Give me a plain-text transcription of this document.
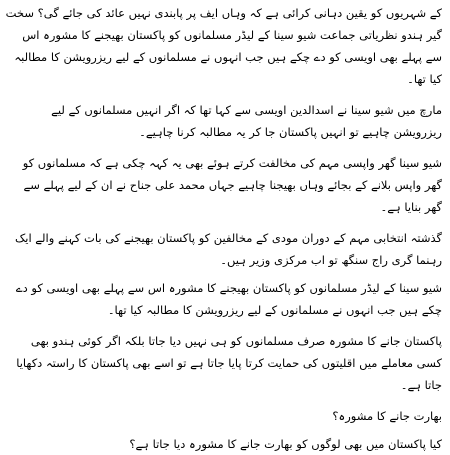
کے شہریوں کو یقین دہانی کرائی ہے کہ وہاں ایف پر پابندی نہیں عائد کی جائے گی؟ سخت گیر ہندو نظریاتی جماعت شیو سینا کے لیڈر مسلمانوں کو پاکستان بھیجنے کا مشورہ اس سے پہلے بھی اویسی کو دے چکے ہیں جب انہوں نے مسلمانوں کے لیے ریزرویشن کا مطالبہ کیا تھا۔

مارچ میں شیو سینا نے اسدالدین اویسی سے کہا تھا کہ اگر انہیں مسلمانوں کے لیے ریزرویشن چاہیے تو انہیں پاکستان جا کر یہ مطالبہ کرنا چاہیے۔

شیو سینا گھر واپسی مہم کی مخالفت کرتے ہوئے بھی یہ کہہ چکی ہے کہ مسلمانوں کو گھر واپس بلانے کے بجائے وہاں بھیجنا چاہیے جہاں محمد علی جناح نے ان کے لیے پہلے سے گھر بنایا ہے۔

گذشتہ انتخابی مہم کے دوران مودی کے مخالفین کو پاکستان بھیجنے کی بات کہنے والے ایک رہنما گری راج سنگھ تو اب مرکزی وزیر ہیں۔

شیو سینا کے لیڈر مسلمانوں کو پاکستان بھیجنے کا مشورہ اس سے پہلے بھی اویسی کو دے چکے ہیں جب انہوں نے مسلمانوں کے لیے ریزرویشن کا مطالبہ کیا تھا۔

پاکستان جانے کا مشورہ صرف مسلمانوں کو ہی نہیں دیا جاتا بلکہ اگر کوئی ہندو بھی کسی معاملے میں اقلیتوں کی حمایت کرتا پایا جاتا ہے تو اسے بھی پاکستان کا راستہ دکھایا جاتا ہے۔

بھارت جانے کا مشورہ؟

کیا پاکستان میں بھی لوگوں کو بھارت جانے کا مشورہ دیا جاتا ہے؟
